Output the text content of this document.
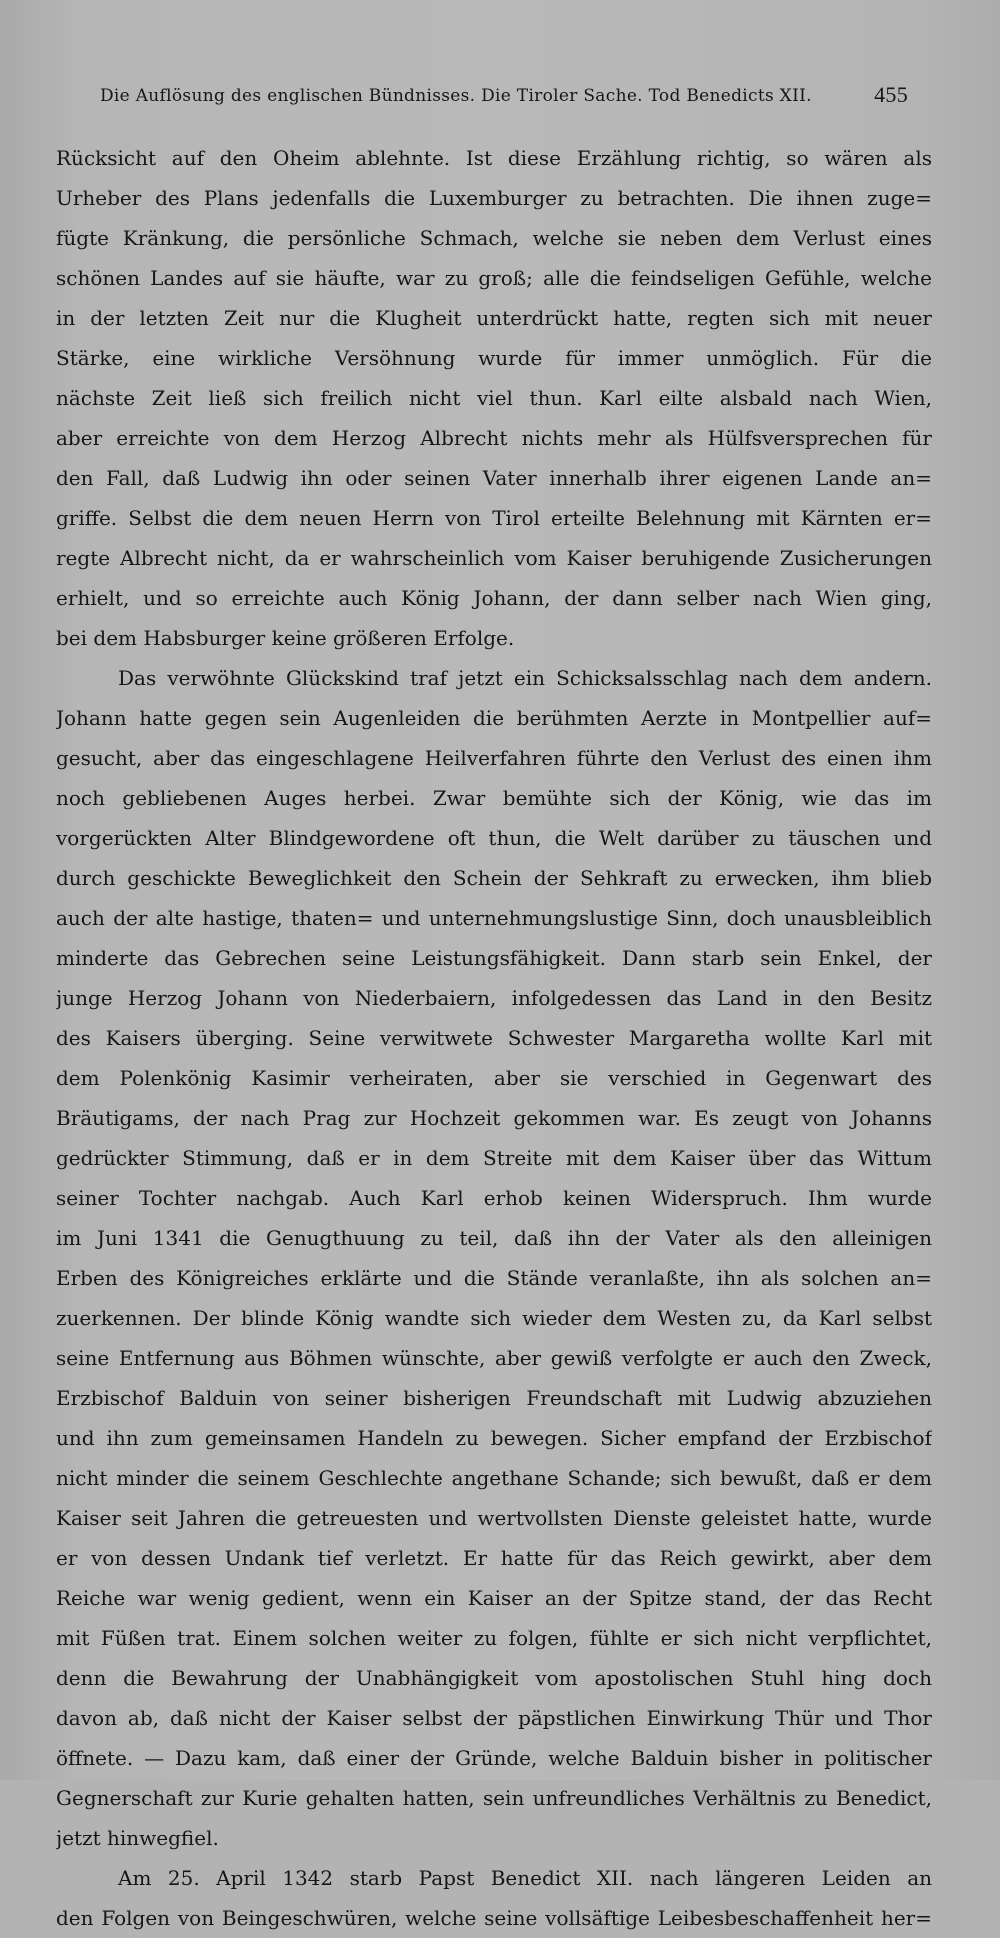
Die Auflösung des englischen Bündnisses. Die Tiroler Sache. Tod Benedicts XII.	455
Rücksicht auf den Oheim ablehnte. Ist diese Erzählung richtig, so wären als
Urheber des Plans jedenfalls die Luxemburger zu betrachten. Die ihnen zuge=
fügte Kränkung, die persönliche Schmach, welche sie neben dem Verlust eines
schönen Landes auf sie häufte, war zu groß; alle die feindseligen Gefühle, welche
in der letzten Zeit nur die Klugheit unterdrückt hatte, regten sich mit neuer
Stärke, eine wirkliche Versöhnung wurde für immer unmöglich. Für die
nächste Zeit ließ sich freilich nicht viel thun. Karl eilte alsbald nach Wien,
aber erreichte von dem Herzog Albrecht nichts mehr als Hülfsversprechen für
den Fall, daß Ludwig ihn oder seinen Vater innerhalb ihrer eigenen Lande an=
griffe. Selbst die dem neuen Herrn von Tirol erteilte Belehnung mit Kärnten er=
regte Albrecht nicht, da er wahrscheinlich vom Kaiser beruhigende Zusicherungen
erhielt, und so erreichte auch König Johann, der dann selber nach Wien ging,
bei dem Habsburger keine größeren Erfolge.
Das verwöhnte Glückskind traf jetzt ein Schicksalsschlag nach dem andern.
Johann hatte gegen sein Augenleiden die berühmten Aerzte in Montpellier auf=
gesucht, aber das eingeschlagene Heilverfahren führte den Verlust des einen ihm
noch gebliebenen Auges herbei. Zwar bemühte sich der König, wie das im
vorgerückten Alter Blindgewordene oft thun, die Welt darüber zu täuschen und
durch geschickte Beweglichkeit den Schein der Sehkraft zu erwecken, ihm blieb
auch der alte hastige, thaten= und unternehmungslustige Sinn, doch unausbleiblich
minderte das Gebrechen seine Leistungsfähigkeit. Dann starb sein Enkel, der
junge Herzog Johann von Niederbaiern, infolgedessen das Land in den Besitz
des Kaisers überging. Seine verwitwete Schwester Margaretha wollte Karl mit
dem Polenkönig Kasimir verheiraten, aber sie verschied in Gegenwart des
Bräutigams, der nach Prag zur Hochzeit gekommen war. Es zeugt von Johanns
gedrückter Stimmung, daß er in dem Streite mit dem Kaiser über das Wittum
seiner Tochter nachgab. Auch Karl erhob keinen Widerspruch. Ihm wurde
im Juni 1341 die Genugthuung zu teil, daß ihn der Vater als den alleinigen
Erben des Königreiches erklärte und die Stände veranlaßte, ihn als solchen an=
zuerkennen. Der blinde König wandte sich wieder dem Westen zu, da Karl selbst
seine Entfernung aus Böhmen wünschte, aber gewiß verfolgte er auch den Zweck,
Erzbischof Balduin von seiner bisherigen Freundschaft mit Ludwig abzuziehen
und ihn zum gemeinsamen Handeln zu bewegen. Sicher empfand der Erzbischof
nicht minder die seinem Geschlechte angethane Schande; sich bewußt, daß er dem
Kaiser seit Jahren die getreuesten und wertvollsten Dienste geleistet hatte, wurde
er von dessen Undank tief verletzt. Er hatte für das Reich gewirkt, aber dem
Reiche war wenig gedient, wenn ein Kaiser an der Spitze stand, der das Recht
mit Füßen trat. Einem solchen weiter zu folgen, fühlte er sich nicht verpflichtet,
denn die Bewahrung der Unabhängigkeit vom apostolischen Stuhl hing doch
davon ab, daß nicht der Kaiser selbst der päpstlichen Einwirkung Thür und Thor
öffnete. — Dazu kam, daß einer der Gründe, welche Balduin bisher in politischer
Gegnerschaft zur Kurie gehalten hatten, sein unfreundliches Verhältnis zu Benedict,
jetzt hinwegfiel.
Am 25. April 1342 starb Papst Benedict XII. nach längeren Leiden an
den Folgen von Beingeschwüren, welche seine vollsäftige Leibesbeschaffenheit her=
